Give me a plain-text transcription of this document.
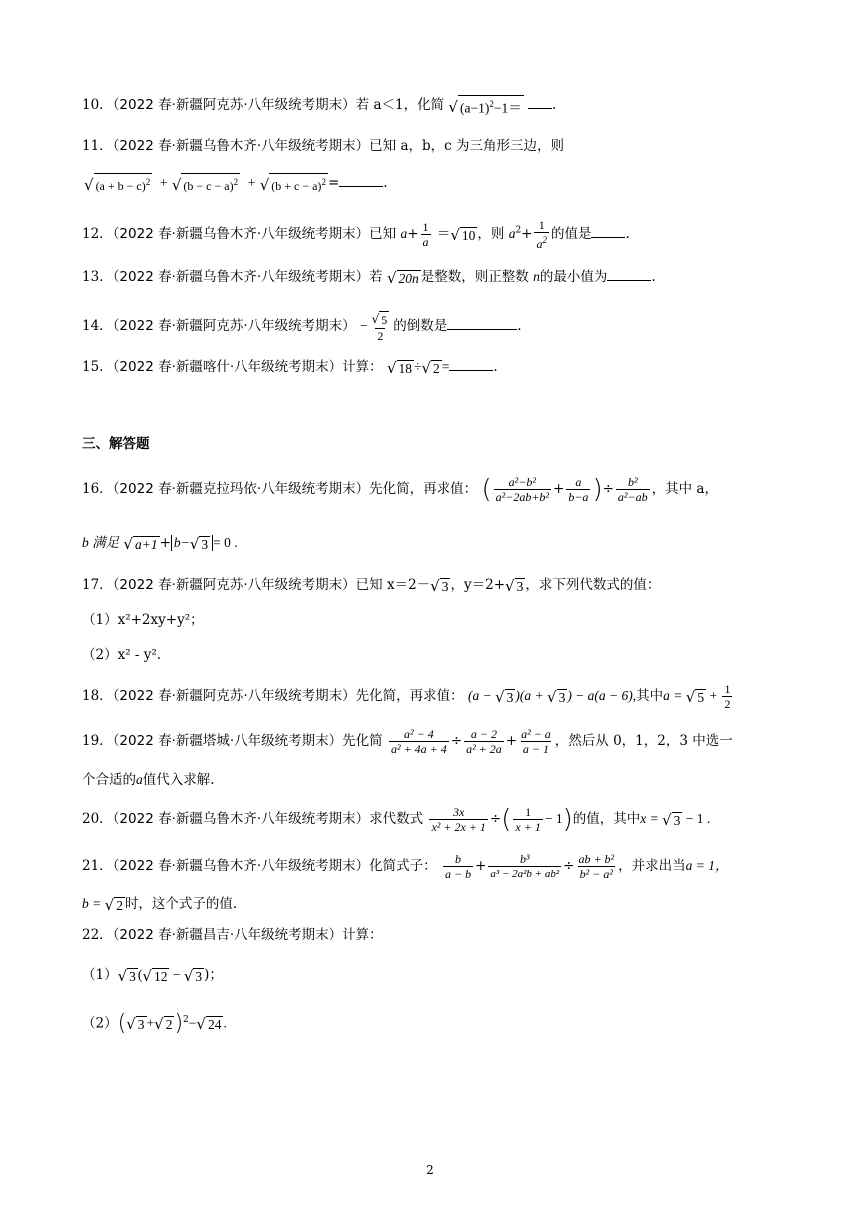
10．（2022 春·新疆阿克苏·八年级统考期末）若 a＜1，化简 √ $(a-1)^2-1=$ .
11．（2022 春·新疆乌鲁木齐·八年级统考期末）已知 a，b，c 为三角形三边，则
√ $(a + b - c)^2$ + √ $(b - c - a)^2$ + √ $(b + c - a)^2$ =	.
12．（2022 春·新疆乌鲁木齐·八年级统考期末）已知 $a+ \frac{1}{a}$ ＝ √ 10 ，则 $a^2+ \frac{1}{a^2}$ 的值是	.
13．（2022 春·新疆乌鲁木齐·八年级统考期末）若 √ 20n 是整数，则正整数 n的最小值为	.
14．（2022 春·新疆阿克苏·八年级统考期末） − $\frac{√ 5}{2}$ 的倒数是	.
15．（2022 春·新疆喀什·八年级统考期末）计算： √ 18 ÷ √ 2 =	.
三、解答题
16．（2022 春·新疆克拉玛依·八年级统考期末）先化简，再求值： ( $\frac{\text{a²−b²}}{\text{a²−2ab+b²}} + \frac{a}{b-a}$ )÷ $\frac{\text{b²}}{\text{a²−ab}}$ ，其中 a，
b 满足 √ a+1 + b− √ 3 = 0 .
17．（2022 春·新疆阿克苏·八年级统考期末）已知 x＝2－ √ 3 ，y＝2+ √ 3 ，求下列代数式的值：
（1）x²+2xy+y²；
（2）x² - y².
18．（2022 春·新疆阿克苏·八年级统考期末）先化简，再求值： (a − √ 3 )(a + √ 3 ) − a(a − 6),其中a = √ $5 + \frac{1}{2}$
19．（2022 春·新疆塔城·八年级统考期末）先化简 $\frac{\text{a² − 4}}{\text{a² + 4a + 4}} \div \frac{a - 2}{\text{a² + 2a}} + \frac{\text{a² − a}}{a - 1}$ ，然后从 0，1，2，3 中选一
个合适的a值代入求解.
20．（2022 春·新疆乌鲁木齐·八年级统考期末）求代数式 $\frac{3x}{\text{x² + 2x + 1}}$ ÷( $\frac{1}{x + 1} - 1$)的值，其中x = √ 3 − 1 .
21．（2022 春·新疆乌鲁木齐·八年级统考期末）化简式子： $\frac{b}{a - b} + \frac{\text{b³}}{\text{a³ − 2a²b + ab²}} \div \frac{\text{ab + b²}}{\text{b² − a²}}$ ，并求出当a = 1，
b = √ 2 时，这个式子的值.
22．（2022 春·新疆昌吉·八年级统考期末）计算：
（1） √ 3 ( √ 12 − √ 3 )；
（2）( √ 3 + √ 2 )$^2$− √ 24 .
2
